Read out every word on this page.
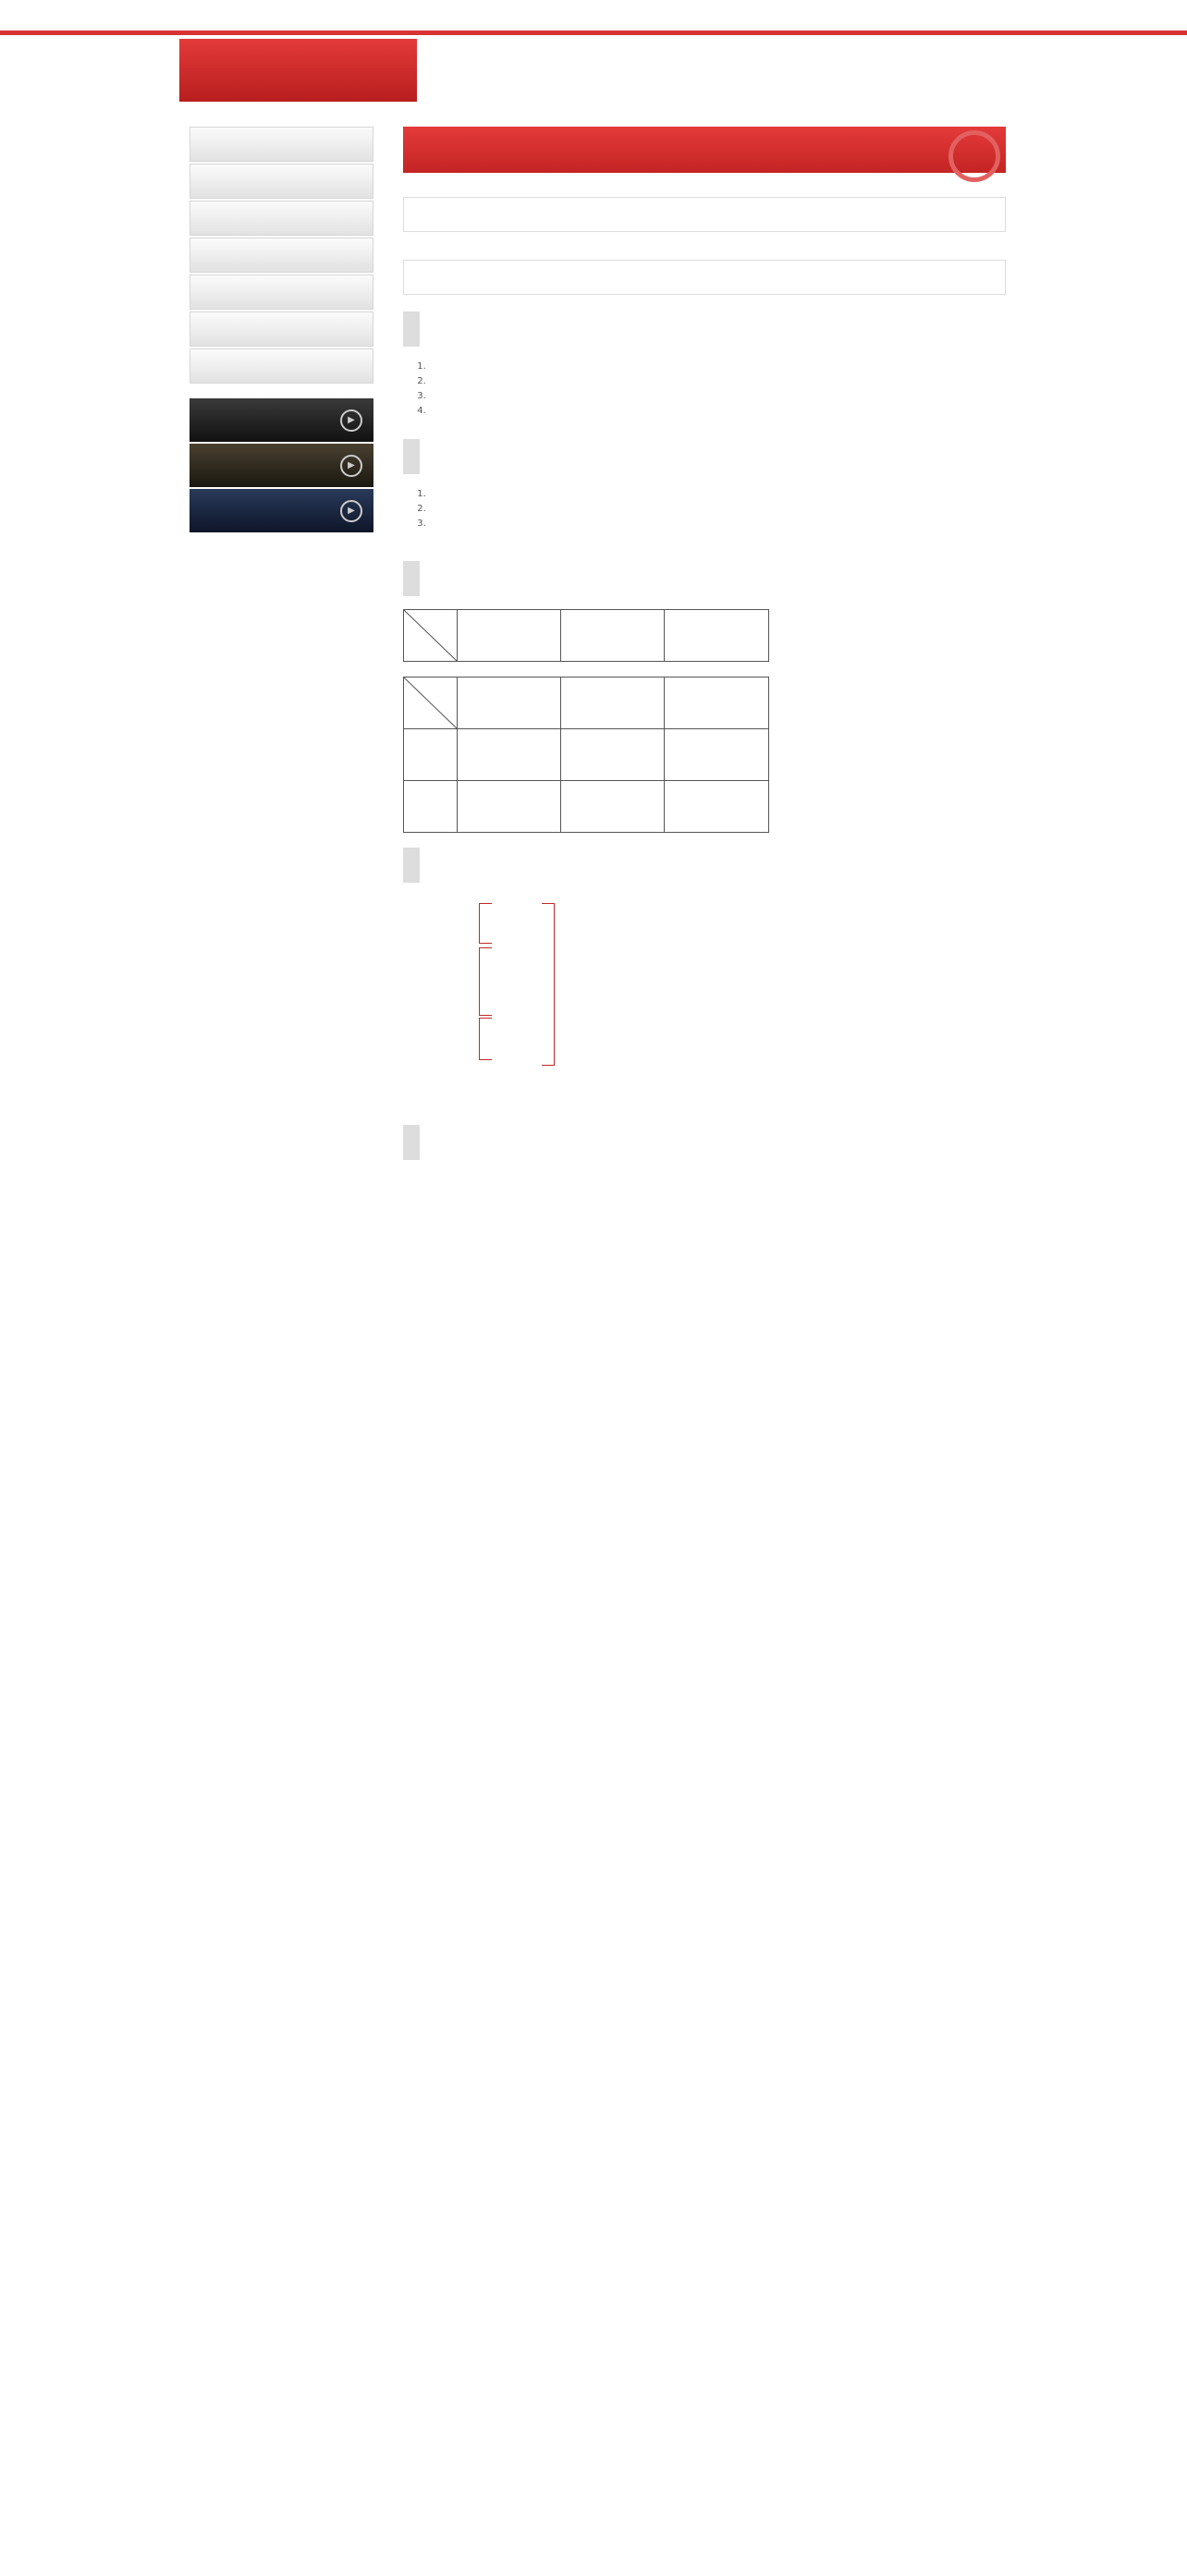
▶
▶
▶

1.
2.
3.
4.

1.
2.
3.
